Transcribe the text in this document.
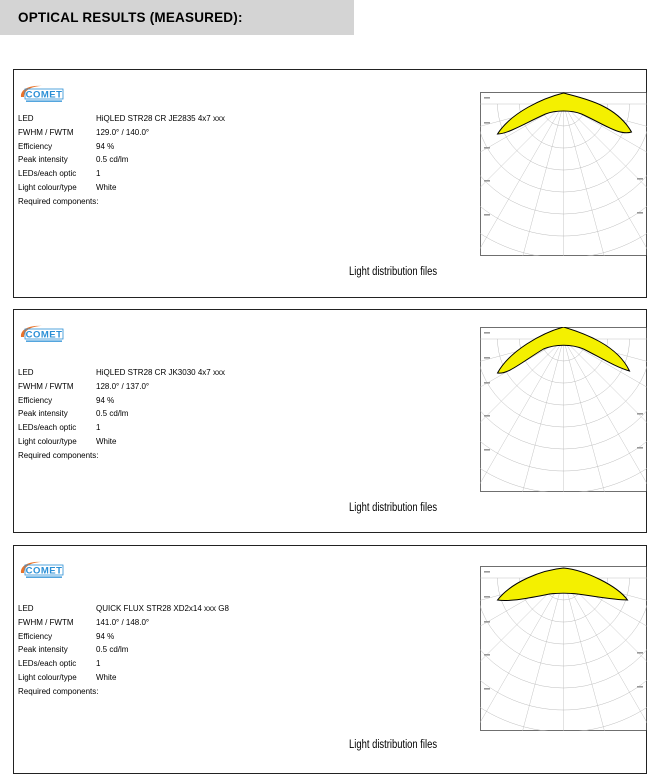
OPTICAL RESULTS (MEASURED):
COMET
LED	HiQLED STR28 CR JE2835 4x7 xxx
FWHM / FWTM	129.0° / 140.0°
Efficiency	94 %
Peak intensity	0.5 cd/lm
LEDs/each optic 1
Light colour/type White
Required components:
Light distribution files
COMET
LED	HiQLED STR28 CR JK3030 4x7 xxx
FWHM / FWTM	128.0° / 137.0°
Efficiency	94 %
Peak intensity	0.5 cd/lm
LEDs/each optic 1
Light colour/type White
Required components:
Light distribution files
COMET
LED	QUICK FLUX STR28 XD2x14 xxx G8
FWHM / FWTM	141.0° / 148.0°
Efficiency	94 %
Peak intensity	0.5 cd/lm
LEDs/each optic 1
Light colour/type White
Required components:
Light distribution files
